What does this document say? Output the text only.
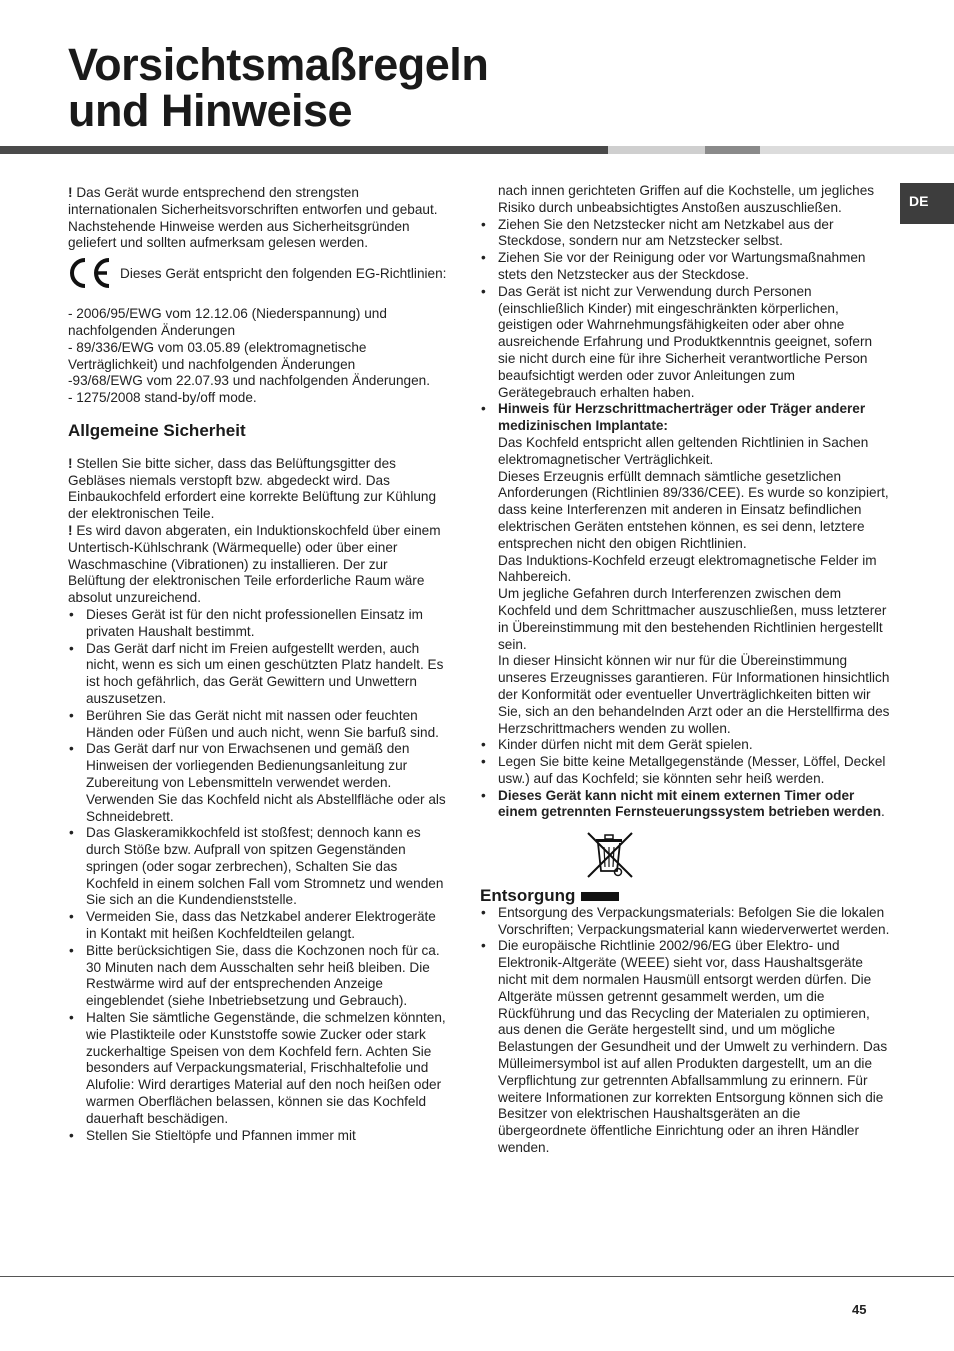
Vorsichtsmaßregeln
und Hinweise
DE

! Das Gerät wurde entsprechend den strengsten internationalen Sicherheitsvorschriften entworfen und gebaut. Nachstehende Hinweise werden aus Sicherheitsgründen geliefert und sollten aufmerksam gelesen werden.

Dieses Gerät entspricht den folgenden EG-Richtlinien:

- 2006/95/EWG vom 12.12.06 (Niederspannung) und nachfolgenden Änderungen

- 89/336/EWG vom 03.05.89 (elektromagnetische Verträglichkeit) und nachfolgenden Änderungen

-93/68/EWG vom 22.07.93 und nachfolgenden Änderungen.

- 1275/2008 stand-by/off mode.

Allgemeine Sicherheit

! Stellen Sie bitte sicher, dass das Belüftungsgitter des Gebläses niemals verstopft bzw. abgedeckt wird. Das Einbaukochfeld erfordert eine korrekte Belüftung zur Kühlung der elektronischen Teile.

! Es wird davon abgeraten, ein Induktionskochfeld über einem Untertisch-Kühlschrank (Wärmequelle) oder über einer Waschmaschine (Vibrationen) zu installieren. Der zur Belüftung der elektronischen Teile erforderliche Raum wäre absolut unzureichend.

• Dieses Gerät ist für den nicht professionellen Einsatz im privaten Haushalt bestimmt.
• Das Gerät darf nicht im Freien aufgestellt werden, auch nicht, wenn es sich um einen geschützten Platz handelt. Es ist hoch gefährlich, das Gerät Gewittern und Unwettern auszusetzen.
• Berühren Sie das Gerät nicht mit nassen oder feuchten Händen oder Füßen und auch nicht, wenn Sie barfuß sind.
• Das Gerät darf nur von Erwachsenen und gemäß den Hinweisen der vorliegenden Bedienungsanleitung zur Zubereitung von Lebensmitteln verwendet werden. Verwenden Sie das Kochfeld nicht als Abstellfläche oder als Schneidebrett.
• Das Glaskeramikkochfeld ist stoßfest; dennoch kann es durch Stöße bzw. Aufprall von spitzen Gegenständen springen (oder sogar zerbrechen), Schalten Sie das Kochfeld in einem solchen Fall vom Stromnetz und wenden Sie sich an die Kundendienststelle.
• Vermeiden Sie, dass das Netzkabel anderer Elektrogeräte in Kontakt mit heißen Kochfeldteilen gelangt.
• Bitte berücksichtigen Sie, dass die Kochzonen noch für ca. 30 Minuten nach dem Ausschalten sehr heiß bleiben. Die Restwärme wird auf der entsprechenden Anzeige eingeblendet (siehe Inbetriebsetzung und Gebrauch).
• Halten Sie sämtliche Gegenstände, die schmelzen könnten, wie Plastikteile oder Kunststoffe sowie Zucker oder stark zuckerhaltige Speisen von dem Kochfeld fern. Achten Sie besonders auf Verpackungsmaterial, Frischhaltefolie und Alufolie: Wird derartiges Material auf den noch heißen oder warmen Oberflächen belassen, können sie das Kochfeld dauerhaft beschädigen.
• Stellen Sie Stieltöpfe und Pfannen immer mit

nach innen gerichteten Griffen auf die Kochstelle, um jegliches Risiko durch unbeabsichtigtes Anstoßen auszuschließen.

• Ziehen Sie den Netzstecker nicht am Netzkabel aus der Steckdose, sondern nur am Netzstecker selbst.
• Ziehen Sie vor der Reinigung oder vor Wartungsmaßnahmen stets den Netzstecker aus der Steckdose.
• Das Gerät ist nicht zur Verwendung durch Personen (einschließlich Kinder) mit eingeschränkten körperlichen, geistigen oder Wahrnehmungsfähigkeiten oder aber ohne ausreichende Erfahrung und Produktkenntnis geeignet, sofern sie nicht durch eine für ihre Sicherheit verantwortliche Person beaufsichtigt werden oder zuvor Anleitungen zum Gerätegebrauch erhalten haben.
• Hinweis für Herzschrittmacherträger oder Träger anderer medizinischen Implantate:
Das Kochfeld entspricht allen geltenden Richtlinien in Sachen elektromagnetischer Verträglichkeit.
Dieses Erzeugnis erfüllt demnach sämtliche gesetzlichen Anforderungen (Richtlinien 89/336/CEE). Es wurde so konzipiert, dass keine Interferenzen mit anderen in Einsatz befindlichen elektrischen Geräten entstehen können, es sei denn, letztere entsprechen nicht den obigen Richtlinien.
Das Induktions-Kochfeld erzeugt elektromagnetische Felder im Nahbereich.
Um jegliche Gefahren durch Interferenzen zwischen dem Kochfeld und dem Schrittmacher auszuschließen, muss letzterer in Übereinstimmung mit den bestehenden Richtlinien hergestellt sein.
In dieser Hinsicht können wir nur für die Übereinstimmung unseres Erzeugnisses garantieren. Für Informationen hinsichtlich der Konformität oder eventueller Unverträglichkeiten bitten wir Sie, sich an den behandelnden Arzt oder an die Herstellfirma des Herzschrittmachers wenden zu wollen.
• Kinder dürfen nicht mit dem Gerät spielen.
• Legen Sie bitte keine Metallgegenstände (Messer, Löffel, Deckel usw.) auf das Kochfeld; sie könnten sehr heiß werden.
• Dieses Gerät kann nicht mit einem externen Timer oder einem getrennten Fernsteuerungssystem betrieben werden.
Entsorgung
• Entsorgung des Verpackungsmaterials: Befolgen Sie die lokalen Vorschriften; Verpackungsmaterial kann wiederverwertet werden.
• Die europäische Richtlinie 2002/96/EG über Elektro- und Elektronik-Altgeräte (WEEE) sieht vor, dass Haushaltsgeräte nicht mit dem normalen Hausmüll entsorgt werden dürfen. Die Altgeräte müssen getrennt gesammelt werden, um die Rückführung und das Recycling der Materialen zu optimieren, aus denen die Geräte hergestellt sind, und um mögliche Belastungen der Gesundheit und der Umwelt zu verhindern. Das Mülleimersymbol ist auf allen Produkten dargestellt, um an die Verpflichtung zur getrennten Abfallsammlung zu erinnern. Für weitere Informationen zur korrekten Entsorgung können sich die Besitzer von elektrischen Haushaltsgeräten an die übergeordnete öffentliche Einrichtung oder an ihren Händler wenden.
45
